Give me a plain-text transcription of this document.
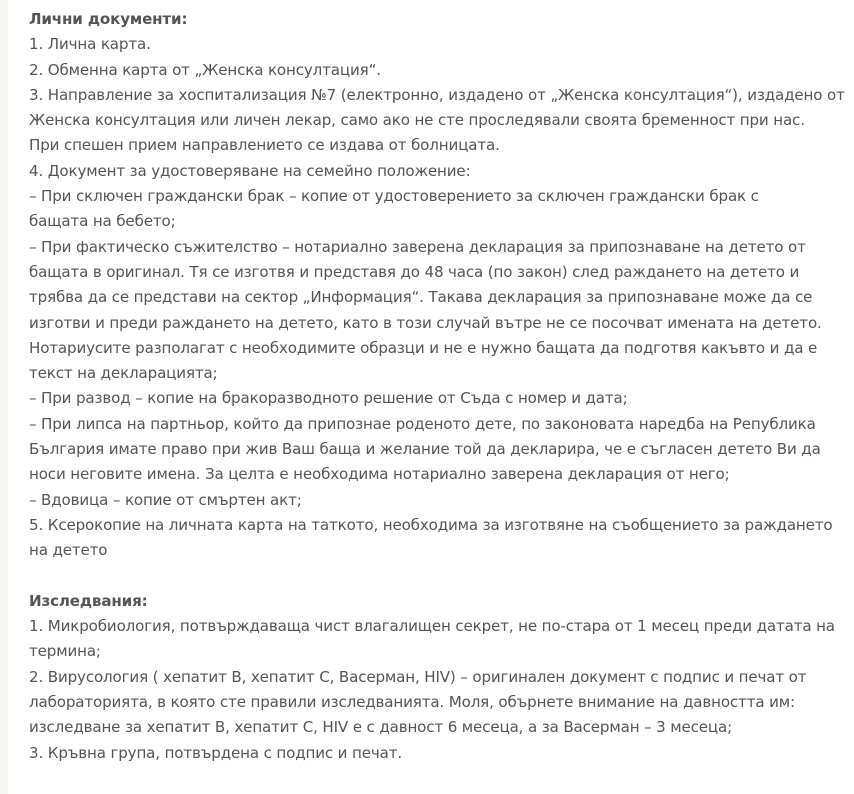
Лични документи:
1. Лична карта.
2. Обменна карта от „Женска консултация“.
3. Направление за хоспитализация №7 (електронно, издадено от „Женска консултация“), издадено от
Женска консултация или личен лекар, само ако не сте проследявали своята бременност при нас.
При спешен прием направлението се издава от болницата.
4. Документ за удостоверяване на семейно положение:
– При сключен граждански брак – копие от удостоверението за сключен граждански брак с
бащата на бебето;
– При фактическо съжителство – нотариално заверена декларация за припознаване на детето от
бащата в оригинал. Тя се изготвя и представя до 48 часа (по закон) след раждането на детето и
трябва да се представи на сектор „Информация“. Такава декларация за припознаване може да се
изготви и преди раждането на детето, като в този случай вътре не се посочват имената на детето.
Нотариусите разполагат с необходимите образци и не е нужно бащата да подготвя какъвто и да е
текст на декларацията;
– При развод – копие на бракоразводното решение от Съда с номер и дата;
– При липса на партньор, който да припознае роденото дете, по законовата наредба на Република
България имате право при жив Ваш баща и желание той да декларира, че е съгласен детето Ви да
носи неговите имена. За целта е необходима нотариално заверена декларация от него;
– Вдовица – копие от смъртен акт;
5. Ксерокопие на личната карта на таткото, необходима за изготвяне на съобщението за раждането
на детето
Изследвания:
1. Микробиология, потвърждаваща чист влагалищен секрет, не по-стара от 1 месец преди датата на
термина;
2. Вирусология ( хепатит В, хепатит С, Васерман, HIV) – оригинален документ с подпис и печат от
лабораторията, в която сте правили изследванията. Моля, обърнете внимание на давността им:
изследване за хепатит В, хепатит С, HIV е с давност 6 месеца, а за Васерман – 3 месеца;
3. Кръвна група, потвърдена с подпис и печат.
